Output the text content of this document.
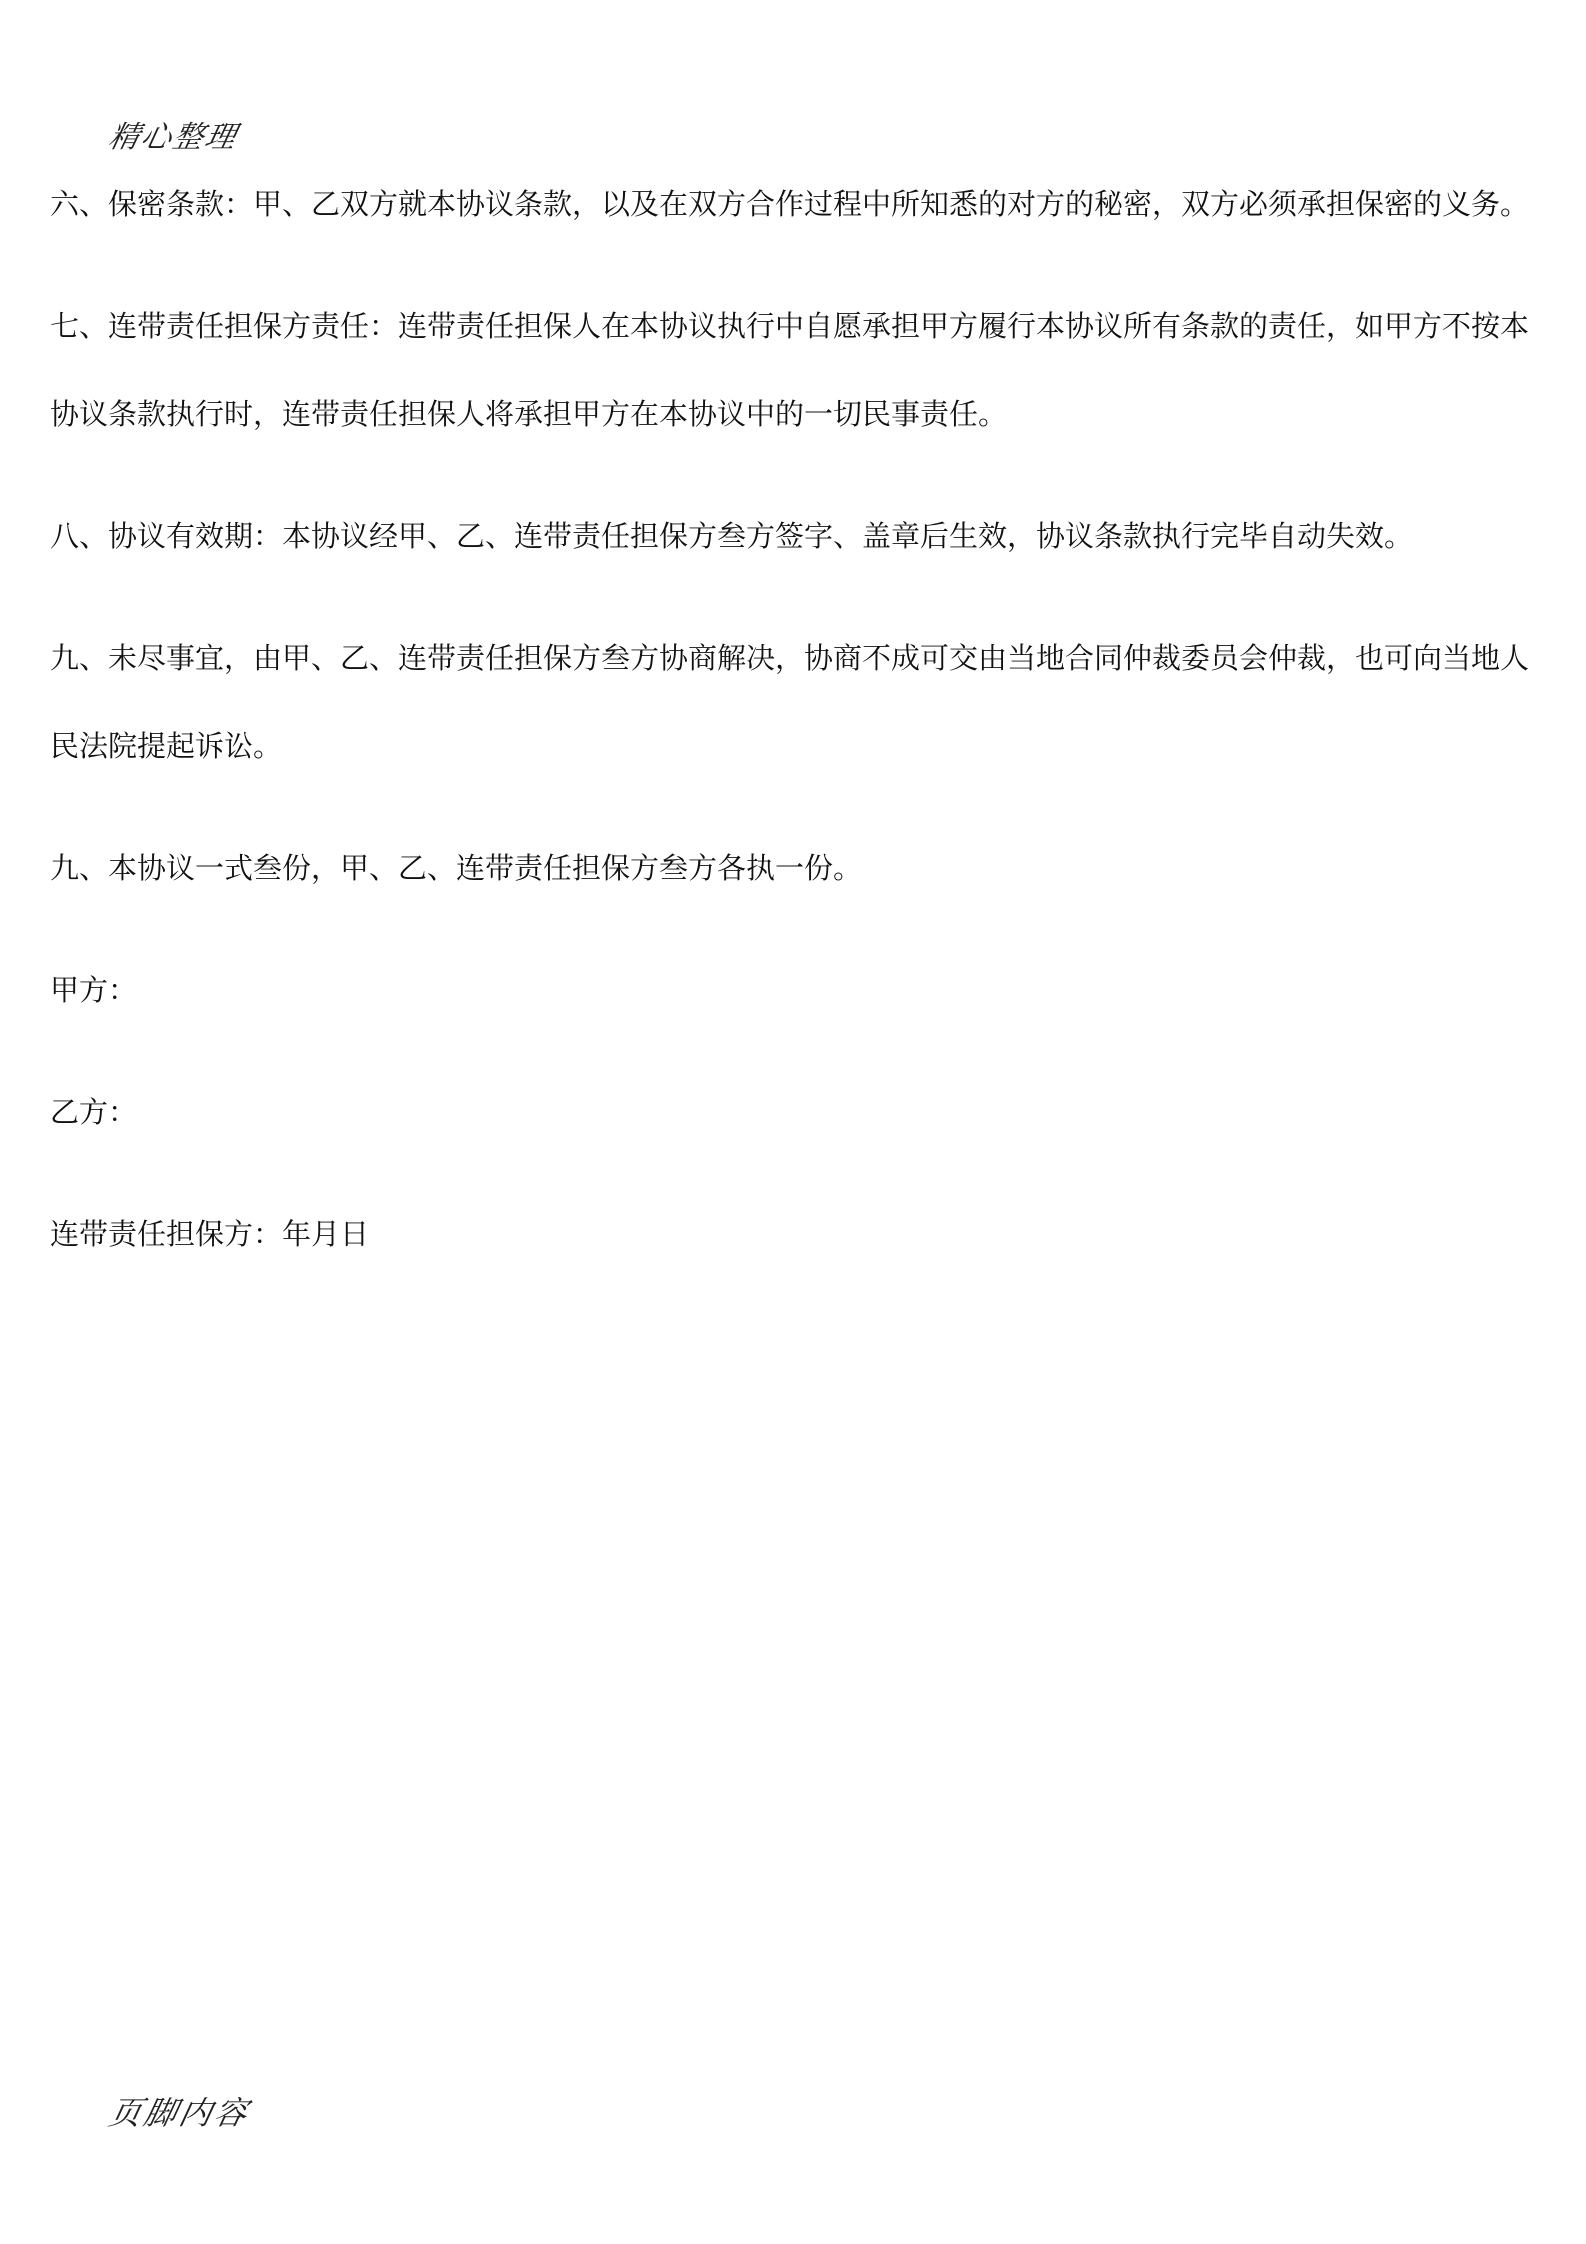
精心整理

六、保密条款：甲、乙双方就本协议条款，以及在双方合作过程中所知悉的对方的秘密，双方必须承担保密的义务。

七、连带责任担保方责任：连带责任担保人在本协议执行中自愿承担甲方履行本协议所有条款的责任，如甲方不按本协议条款执行时，连带责任担保人将承担甲方在本协议中的一切民事责任。

八、协议有效期：本协议经甲、乙、连带责任担保方叁方签字、盖章后生效，协议条款执行完毕自动失效。

九、未尽事宜，由甲、乙、连带责任担保方叁方协商解决，协商不成可交由当地合同仲裁委员会仲裁，也可向当地人民法院提起诉讼。

九、本协议一式叁份，甲、乙、连带责任担保方叁方各执一份。

甲方：

乙方：

连带责任担保方：年月日

页脚内容
